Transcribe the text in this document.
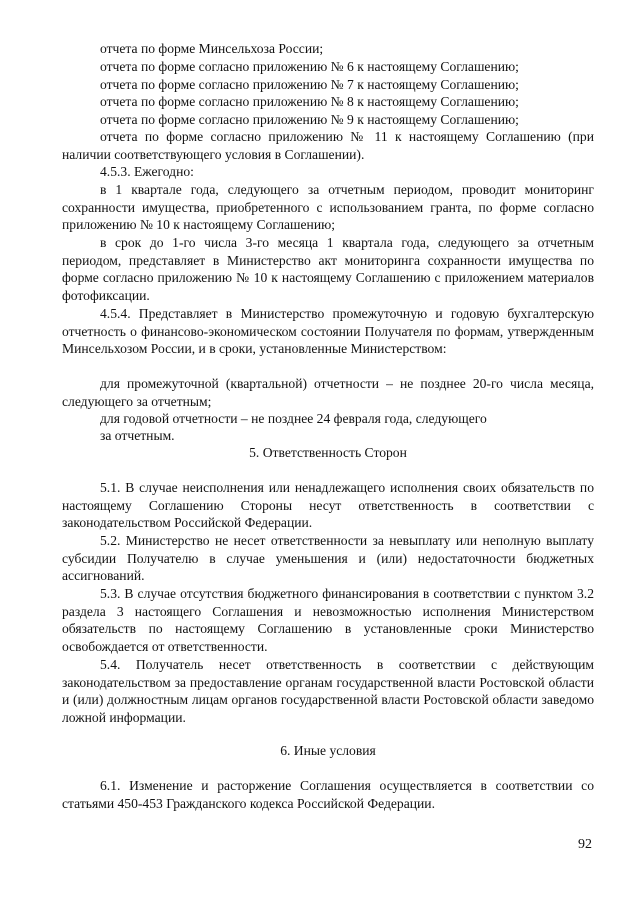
отчета по форме Минсельхоза России;
отчета по форме согласно приложению № 6 к настоящему Соглашению;
отчета по форме согласно приложению № 7 к настоящему Соглашению;
отчета по форме согласно приложению № 8 к настоящему Соглашению;
отчета по форме согласно приложению № 9 к настоящему Соглашению;
отчета по форме согласно приложению № 11 к настоящему Соглашению (при наличии соответствующего условия в Соглашении).
4.5.3. Ежегодно:
в 1 квартале года, следующего за отчетным периодом, проводит мониторинг сохранности имущества, приобретенного с использованием гранта, по форме согласно приложению № 10 к настоящему Соглашению;
в срок до 1-го числа 3-го месяца 1 квартала года, следующего за отчетным периодом, представляет в Министерство акт мониторинга сохранности имущества по форме согласно приложению № 10 к настоящему Соглашению с приложением материалов фотофиксации.
4.5.4. Представляет в Министерство промежуточную и годовую бухгалтерскую отчетность о финансово-экономическом состоянии Получателя по формам, утвержденным Минсельхозом России, и в сроки, установленные Министерством:
для промежуточной (квартальной) отчетности – не позднее 20-го числа месяца, следующего за отчетным;
для годовой отчетности – не позднее 24 февраля года, следующего
за отчетным.
5. Ответственность Сторон
5.1. В случае неисполнения или ненадлежащего исполнения своих обязательств по настоящему Соглашению Стороны несут ответственность в соответствии с законодательством Российской Федерации.
5.2. Министерство не несет ответственности за невыплату или неполную выплату субсидии Получателю в случае уменьшения и (или) недостаточности бюджетных ассигнований.
5.3. В случае отсутствия бюджетного финансирования в соответствии с пунктом 3.2 раздела 3 настоящего Соглашения и невозможностью исполнения Министерством обязательств по настоящему Соглашению в установленные сроки Министерство освобождается от ответственности.
5.4. Получатель несет ответственность в соответствии с действующим законодательством за предоставление органам государственной власти Ростовской области и (или) должностным лицам органов государственной власти Ростовской области заведомо ложной информации.
6. Иные условия
6.1. Изменение и расторжение Соглашения осуществляется в соответствии со статьями 450-453 Гражданского кодекса Российской Федерации.
92
